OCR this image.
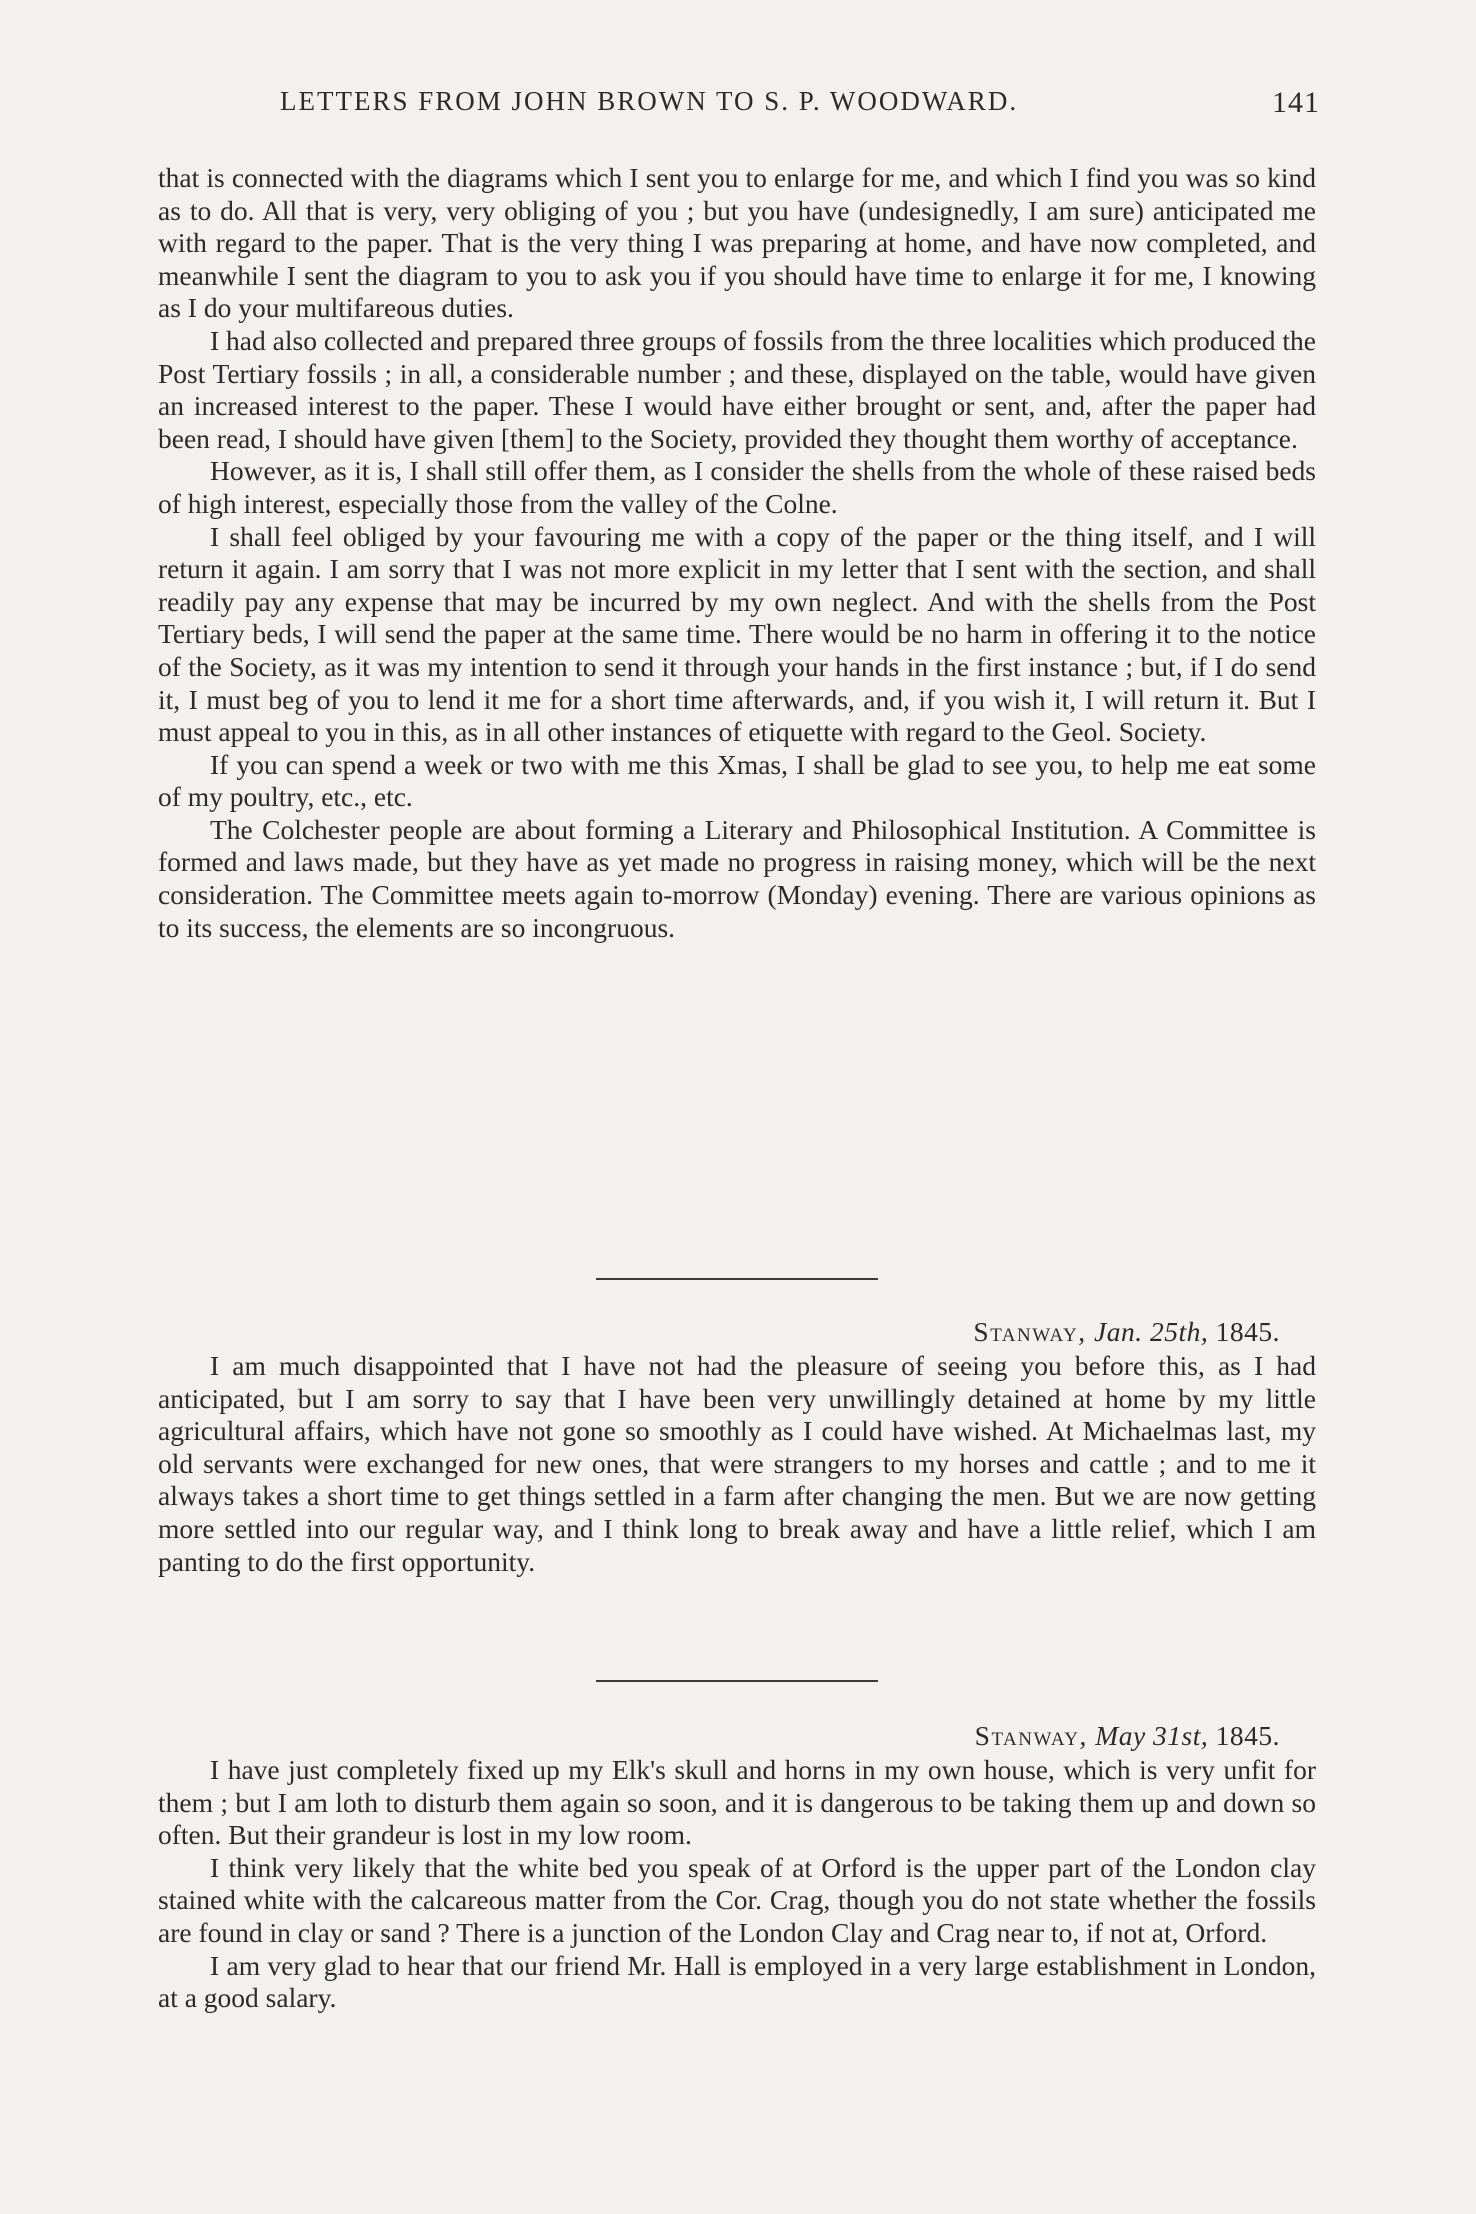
LETTERS FROM JOHN BROWN TO S. P. WOODWARD.	141

that is connected with the diagrams which I sent you to enlarge for me, and which I find you was so kind as to do. All that is very, very obliging of you ; but you have (undesignedly, I am sure) anticipated me with regard to the paper. That is the very thing I was preparing at home, and have now completed, and meanwhile I sent the diagram to you to ask you if you should have time to enlarge it for me, I knowing as I do your multifareous duties.

I had also collected and prepared three groups of fossils from the three localities which produced the Post Tertiary fossils ; in all, a considerable number ; and these, displayed on the table, would have given an increased interest to the paper. These I would have either brought or sent, and, after the paper had been read, I should have given [them] to the Society, provided they thought them worthy of acceptance.

However, as it is, I shall still offer them, as I consider the shells from the whole of these raised beds of high interest, especially those from the valley of the Colne.

I shall feel obliged by your favouring me with a copy of the paper or the thing itself, and I will return it again. I am sorry that I was not more explicit in my letter that I sent with the section, and shall readily pay any expense that may be incurred by my own neglect. And with the shells from the Post Tertiary beds, I will send the paper at the same time. There would be no harm in offering it to the notice of the Society, as it was my intention to send it through your hands in the first instance ; but, if I do send it, I must beg of you to lend it me for a short time afterwards, and, if you wish it, I will return it. But I must appeal to you in this, as in all other instances of etiquette with regard to the Geol. Society.

If you can spend a week or two with me this Xmas, I shall be glad to see you, to help me eat some of my poultry, etc., etc.

The Colchester people are about forming a Literary and Philosophical Institution. A Committee is formed and laws made, but they have as yet made no progress in raising money, which will be the next consideration. The Committee meets again to-morrow (Monday) evening. There are various opinions as to its success, the elements are so incongruous.

Stanway, Jan. 25th, 1845.

I am much disappointed that I have not had the pleasure of seeing you before this, as I had anticipated, but I am sorry to say that I have been very unwillingly detained at home by my little agricultural affairs, which have not gone so smoothly as I could have wished. At Michaelmas last, my old servants were exchanged for new ones, that were strangers to my horses and cattle ; and to me it always takes a short time to get things settled in a farm after changing the men. But we are now getting more settled into our regular way, and I think long to break away and have a little relief, which I am panting to do the first opportunity.

Stanway, May 31st, 1845.

I have just completely fixed up my Elk's skull and horns in my own house, which is very unfit for them ; but I am loth to disturb them again so soon, and it is dangerous to be taking them up and down so often. But their grandeur is lost in my low room.

I think very likely that the white bed you speak of at Orford is the upper part of the London clay stained white with the calcareous matter from the Cor. Crag, though you do not state whether the fossils are found in clay or sand ? There is a junction of the London Clay and Crag near to, if not at, Orford.

I am very glad to hear that our friend Mr. Hall is employed in a very large establishment in London, at a good salary.
